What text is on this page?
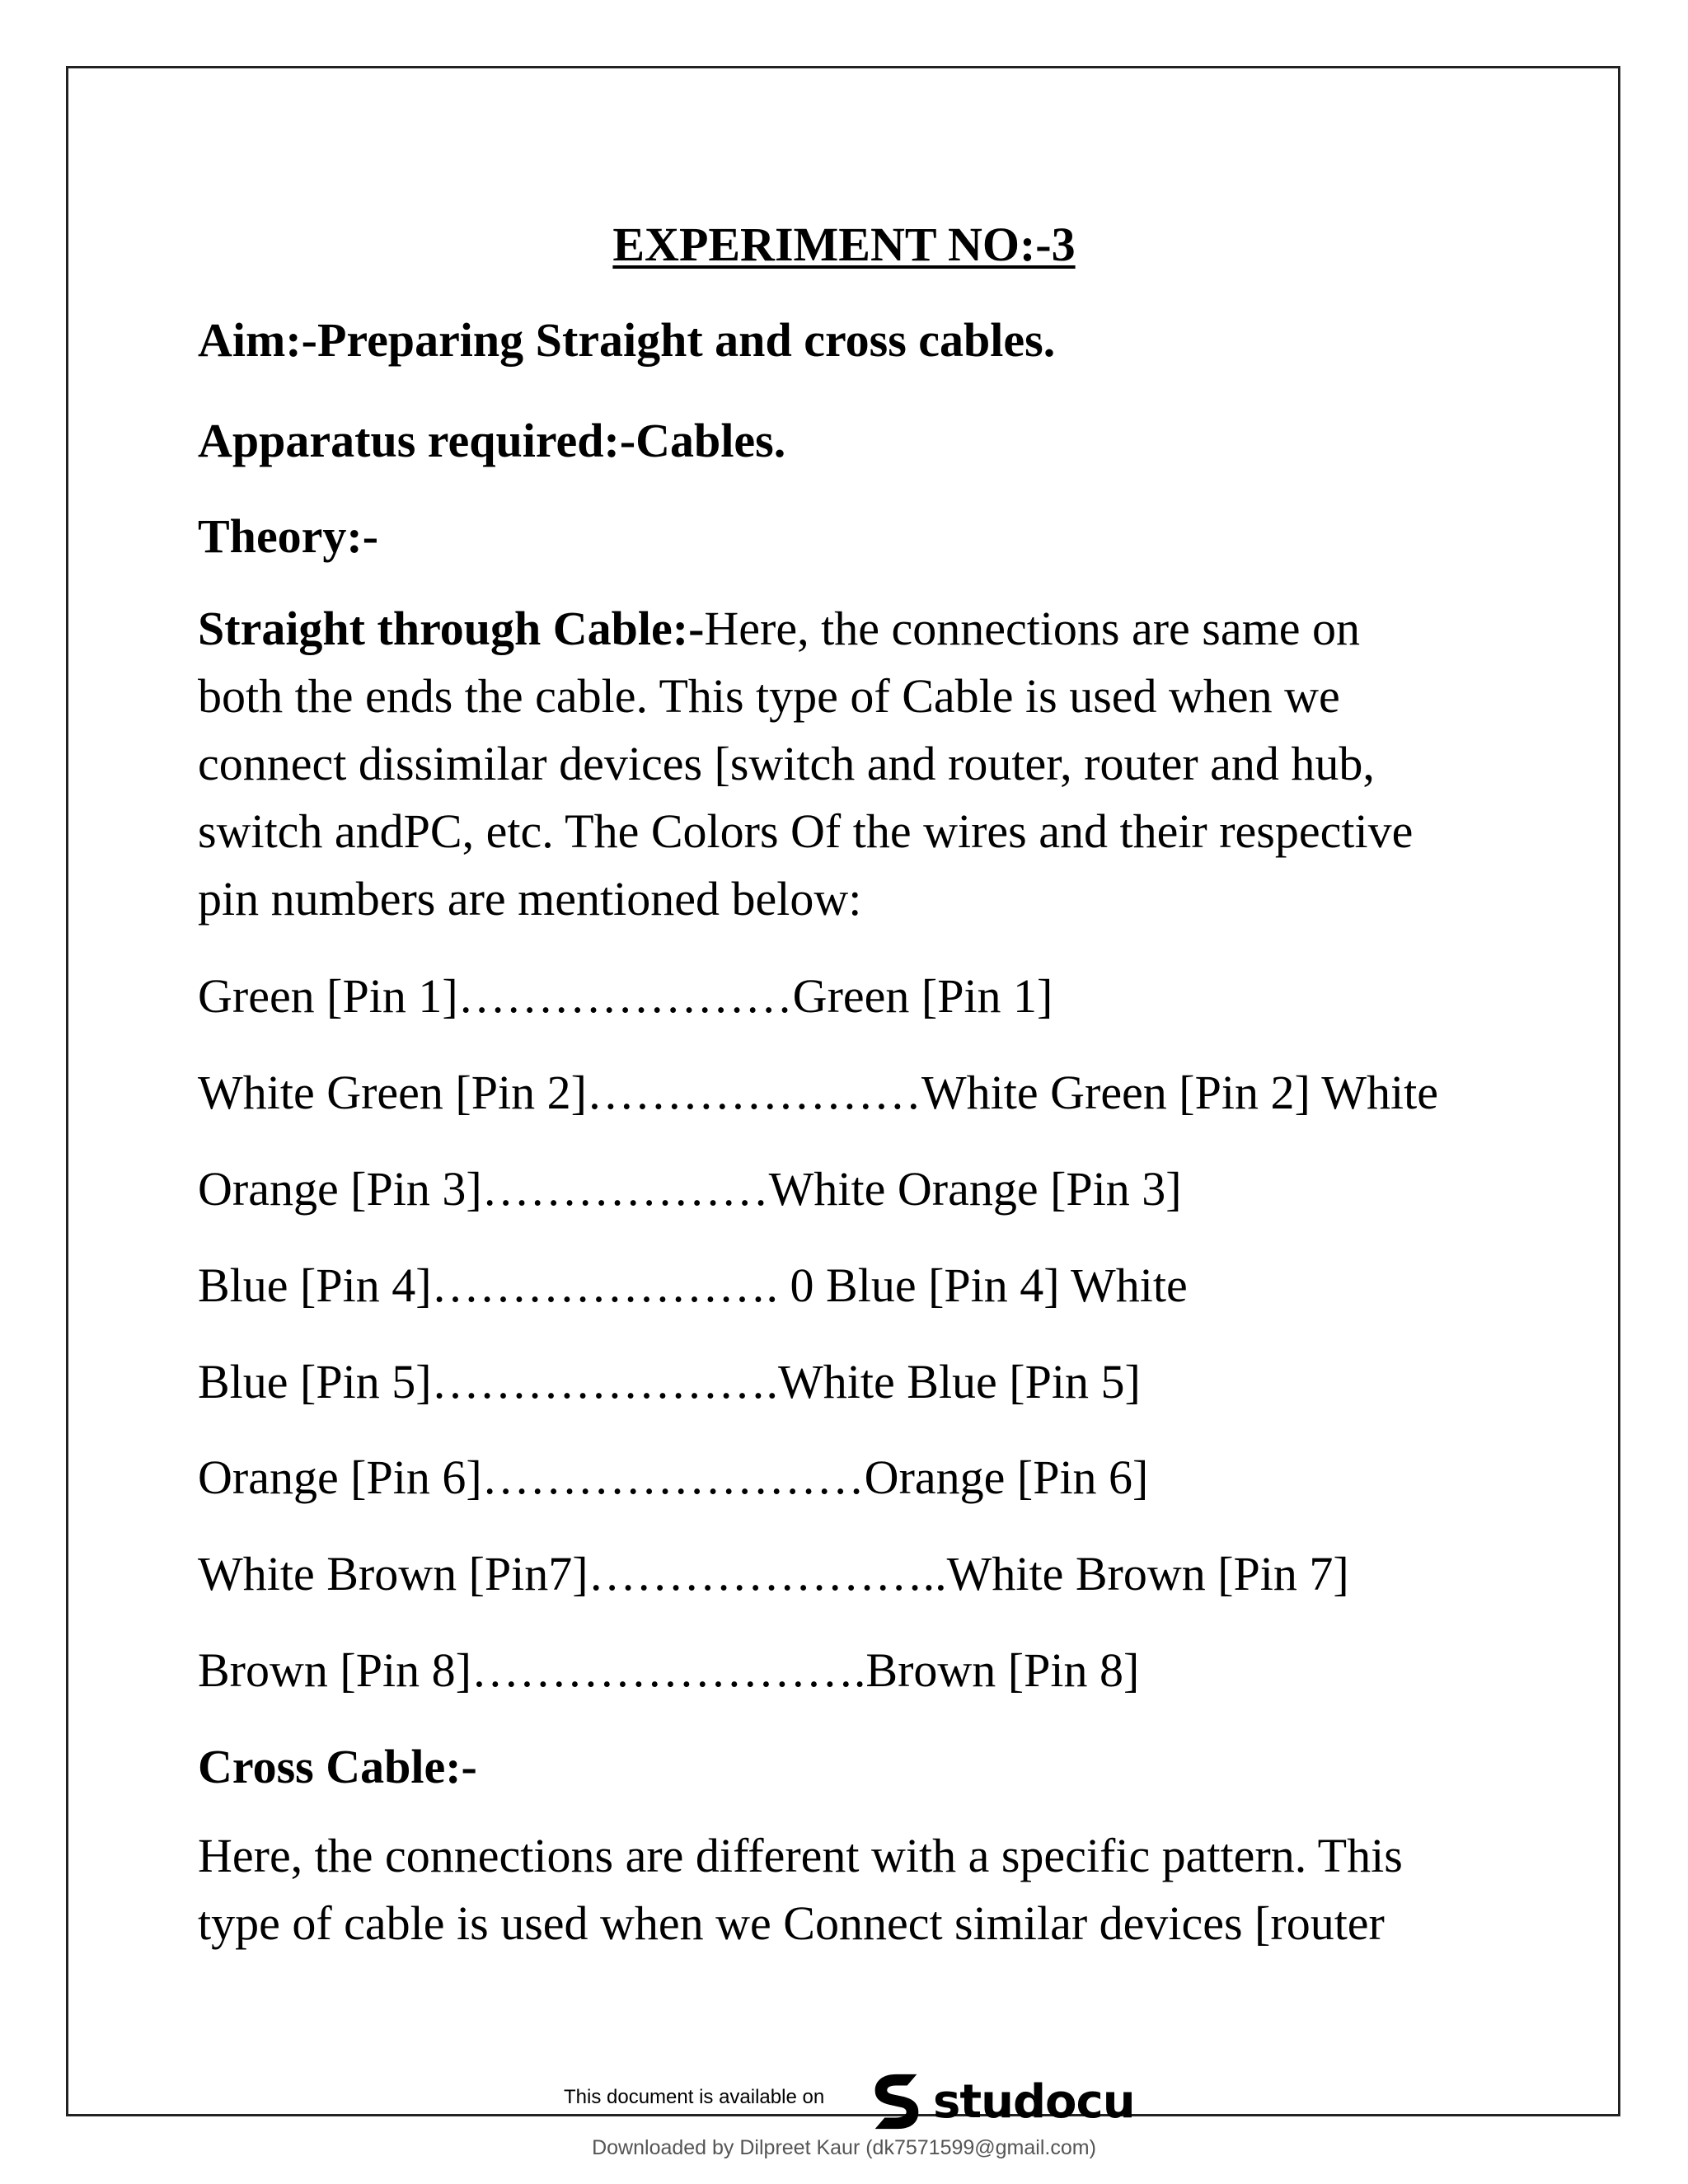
EXPERIMENT NO:-3

Aim:-Preparing Straight and cross cables.

Apparatus required:-Cables.

Theory:-

Straight through Cable:-Here, the connections are same on
both the ends the cable. This type of Cable is used when we
connect dissimilar devices [switch and router, router and hub,
switch andPC, etc. The Colors Of the wires and their respective
pin numbers are mentioned below:

Green [Pin 1]…………………Green [Pin 1]

White Green [Pin 2]…………………White Green [Pin 2] White

Orange [Pin 3]………………White Orange [Pin 3]

Blue [Pin 4]…………………. 0 Blue [Pin 4] White

Blue [Pin 5]………………….White Blue [Pin 5]

Orange [Pin 6]……………………Orange [Pin 6]

White Brown [Pin7]…………………..White Brown [Pin 7]

Brown [Pin 8]…………………….Brown [Pin 8]

Cross Cable:-

Here, the connections are different with a specific pattern. This
type of cable is used when we Connect similar devices [router
This document is available on studocu
Downloaded by Dilpreet Kaur (dk7571599@gmail.com)
